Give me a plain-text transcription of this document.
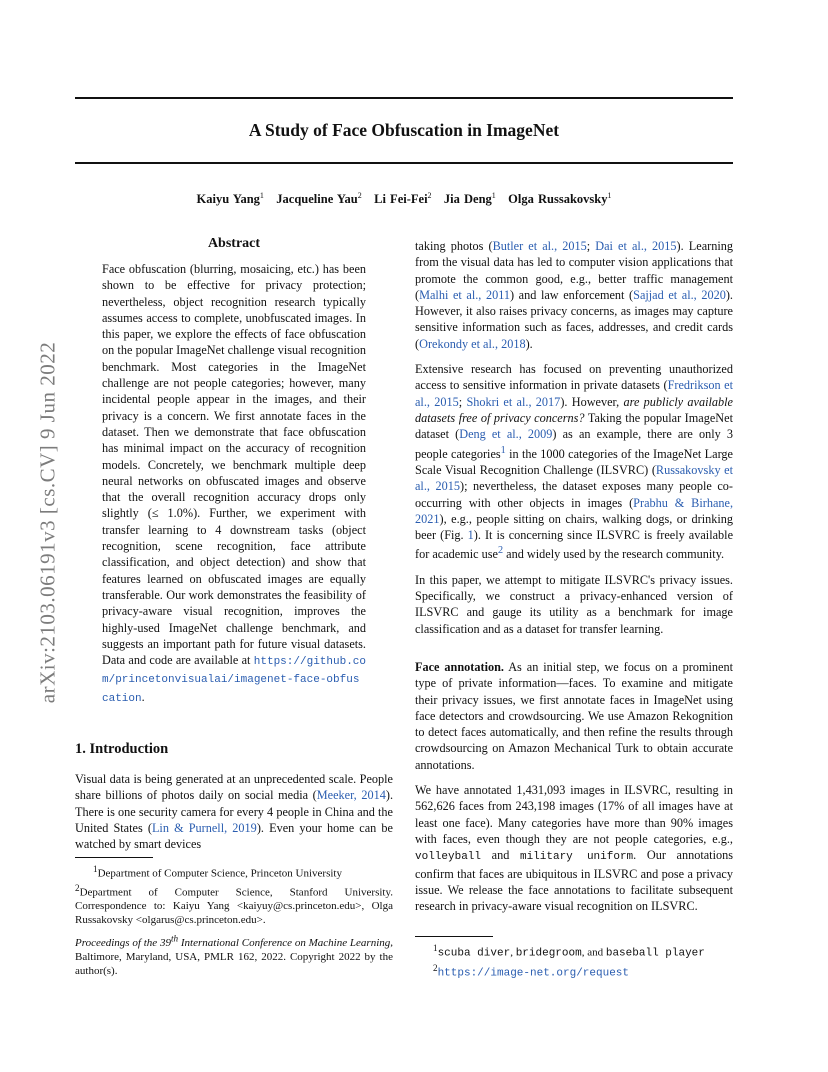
arXiv:2103.06191v3 [cs.CV] 9 Jun 2022
A Study of Face Obfuscation in ImageNet
Kaiyu Yang$^1$ Jacqueline Yau$^2$ Li Fei-Fei$^2$ Jia Deng$^1$ Olga Russakovsky$^1$
Abstract
Face obfuscation (blurring, mosaicing, etc.) has been shown to be effective for privacy protection; nevertheless, object recognition research typically assumes access to complete, unobfuscated images. In this paper, we explore the effects of face obfuscation on the popular ImageNet challenge visual recognition benchmark. Most categories in the ImageNet challenge are not people categories; however, many incidental people appear in the images, and their privacy is a concern. We first annotate faces in the dataset. Then we demonstrate that face obfuscation has minimal impact on the accuracy of recognition models. Concretely, we benchmark multiple deep neural networks on obfuscated images and observe that the overall recognition accuracy drops only slightly (≤ 1.0%). Further, we experiment with transfer learning to 4 downstream tasks (object recognition, scene recognition, face attribute classification, and object detection) and show that features learned on obfuscated images are equally transferable. Our work demonstrates the feasibility of privacy-aware visual recognition, improves the highly-used ImageNet challenge benchmark, and suggests an important path for future visual datasets. Data and code are available at https://github.com/princetonvisualai/imagenet-face-obfuscation.
1. Introduction
Visual data is being generated at an unprecedented scale. People share billions of photos daily on social media (Meeker, 2014). There is one security camera for every 4 people in China and the United States (Lin & Purnell, 2019). Even your home can be watched by smart devices
$^1$Department of Computer Science, Princeton University
$^2$Department of Computer Science, Stanford University. Correspondence to: Kaiyu Yang <kaiyuy@cs.princeton.edu>, Olga Russakovsky <olgarus@cs.princeton.edu>.
Proceedings of the 39th International Conference on Machine Learning, Baltimore, Maryland, USA, PMLR 162, 2022. Copyright 2022 by the author(s).

taking photos (Butler et al., 2015; Dai et al., 2015). Learning from the visual data has led to computer vision applications that promote the common good, e.g., better traffic management (Malhi et al., 2011) and law enforcement (Sajjad et al., 2020). However, it also raises privacy concerns, as images may capture sensitive information such as faces, addresses, and credit cards (Orekondy et al., 2018).

Extensive research has focused on preventing unauthorized access to sensitive information in private datasets (Fredrikson et al., 2015; Shokri et al., 2017). However, are publicly available datasets free of privacy concerns? Taking the popular ImageNet dataset (Deng et al., 2009) as an example, there are only 3 people categories$^1$ in the 1000 categories of the ImageNet Large Scale Visual Recognition Challenge (ILSVRC) (Russakovsky et al., 2015); nevertheless, the dataset exposes many people co-occurring with other objects in images (Prabhu & Birhane, 2021), e.g., people sitting on chairs, walking dogs, or drinking beer (Fig. 1). It is concerning since ILSVRC is freely available for academic use$^2$ and widely used by the research community.

In this paper, we attempt to mitigate ILSVRC's privacy issues. Specifically, we construct a privacy-enhanced version of ILSVRC and gauge its utility as a benchmark for image classification and as a dataset for transfer learning.

Face annotation. As an initial step, we focus on a prominent type of private information—faces. To examine and mitigate their privacy issues, we first annotate faces in ImageNet using face detectors and crowdsourcing. We use Amazon Rekognition to detect faces automatically, and then refine the results through crowdsourcing on Amazon Mechanical Turk to obtain accurate annotations.

We have annotated 1,431,093 images in ILSVRC, resulting in 562,626 faces from 243,198 images (17% of all images have at least one face). Many categories have more than 90% images with faces, even though they are not people categories, e.g., volleyball and military uniform. Our annotations confirm that faces are ubiquitous in ILSVRC and pose a privacy issue. We release the face annotations to facilitate subsequent research in privacy-aware visual recognition on ILSVRC.

$^1$scuba diver, bridegroom, and baseball player
$^2$https://image-net.org/request
